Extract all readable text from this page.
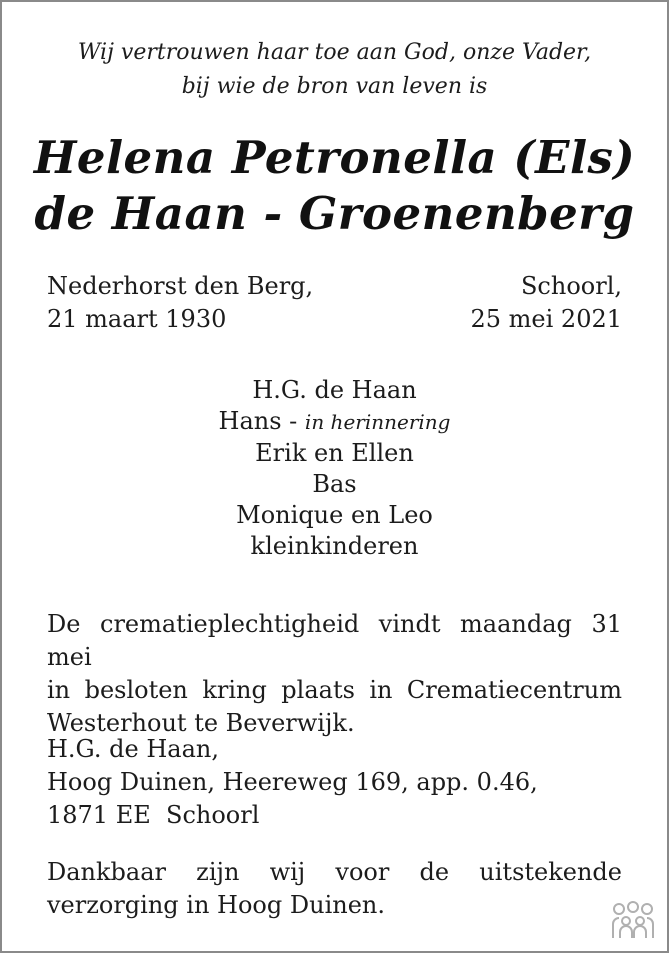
Wij vertrouwen haar toe aan God, onze Vader,
bij wie de bron van leven is
Helena Petronella (Els)
de Haan - Groenenberg
Nederhorst den Berg,
21 maart 1930
Schoorl,
25 mei 2021
H.G. de Haan
Hans - in herinnering
Erik en Ellen
Bas
Monique en Leo
kleinkinderen
De crematieplechtigheid vindt maandag 31 mei
in besloten kring plaats in Crematiecentrum
Westerhout te Beverwijk.
H.G. de Haan,
Hoog Duinen, Heereweg 169, app. 0.46,
1871 EE  Schoorl
Dankbaar zijn wij voor de uitstekende
verzorging in Hoog Duinen.
